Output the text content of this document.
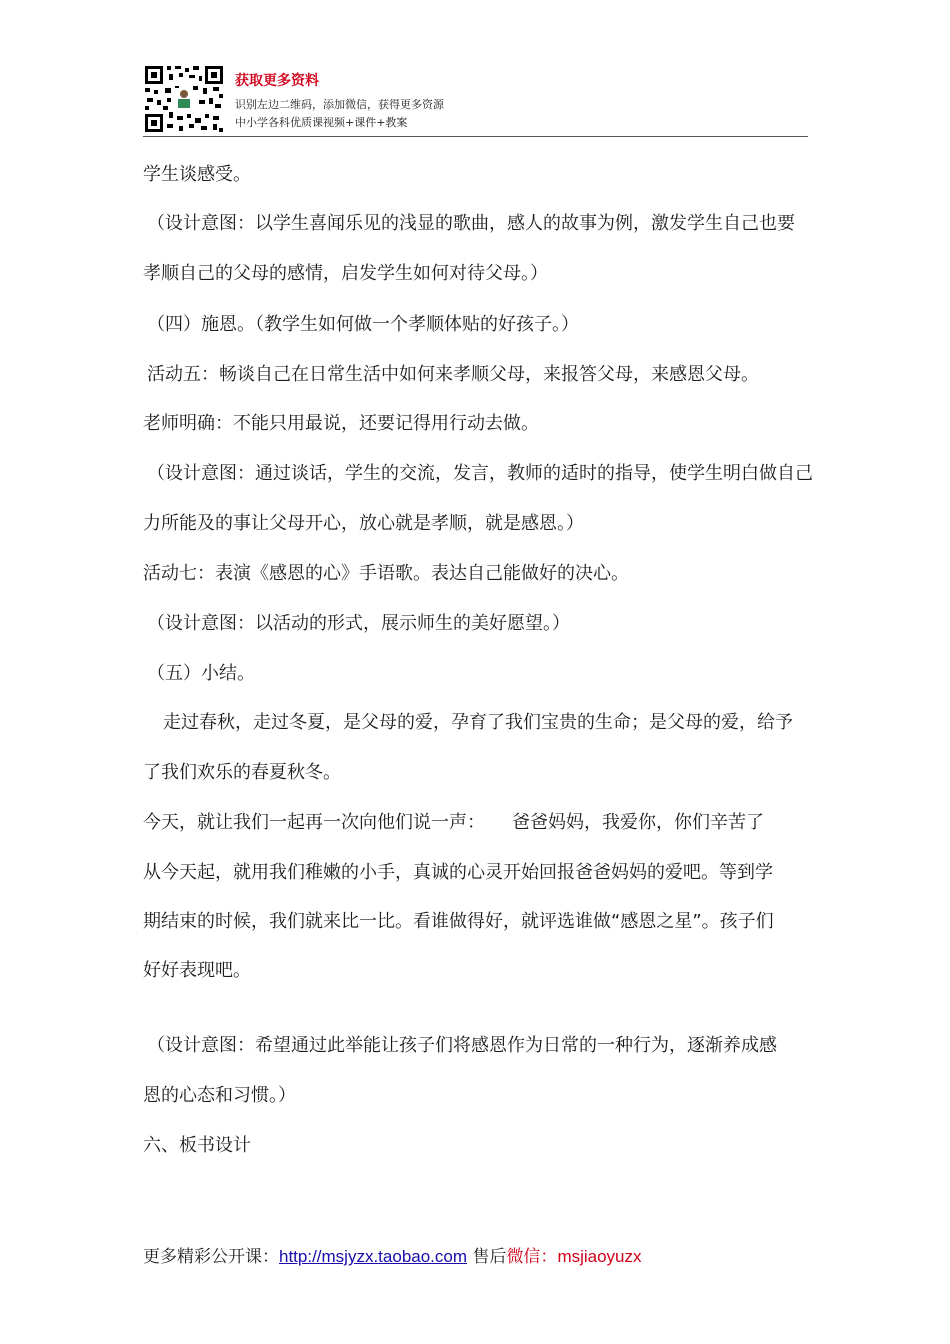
获取更多资料
识别左边二维码，添加微信，获得更多资源
中小学各科优质课视频+课件+教案
学生谈感受。
（设计意图：以学生喜闻乐见的浅显的歌曲，感人的故事为例，激发学生自己也要
孝顺自己的父母的感情，启发学生如何对待父母。）
（四）施恩。（教学生如何做一个孝顺体贴的好孩子。）
活动五：畅谈自己在日常生活中如何来孝顺父母，来报答父母，来感恩父母。
老师明确：不能只用最说，还要记得用行动去做。
（设计意图：通过谈话，学生的交流，发言，教师的适时的指导，使学生明白做自己
力所能及的事让父母开心，放心就是孝顺，就是感恩。）
活动七：表演《感恩的心》手语歌。表达自己能做好的决心。
（设计意图：以活动的形式，展示师生的美好愿望。）
（五）小结。
走过春秋，走过冬夏，是父母的爱，孕育了我们宝贵的生命；是父母的爱，给予
了我们欢乐的春夏秋冬。
今天，就让我们一起再一次向他们说一声：　　爸爸妈妈，我爱你，你们辛苦了
从今天起，就用我们稚嫩的小手，真诚的心灵开始回报爸爸妈妈的爱吧。等到学
期结束的时候，我们就来比一比。看谁做得好，就评选谁做“感恩之星”。孩子们
好好表现吧。
（设计意图：希望通过此举能让孩子们将感恩作为日常的一种行为，逐渐养成感
恩的心态和习惯。）
六、板书设计
更多精彩公开课：http://msjyzx.taobao.com 售后微信：msjiaoyuzx
